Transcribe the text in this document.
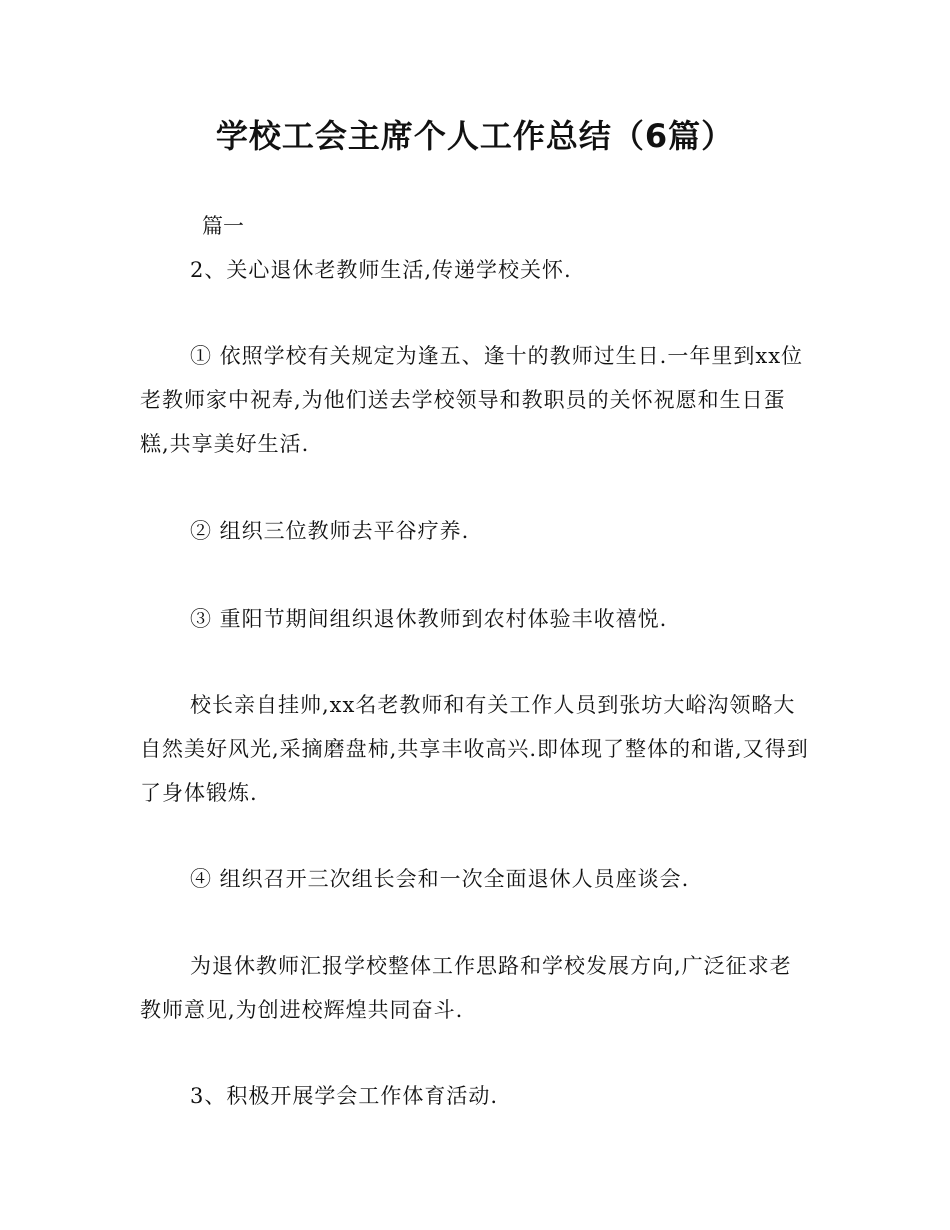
学校工会主席个人工作总结（6篇）
篇一

2、关心退休老教师生活,传递学校关怀.

① 依照学校有关规定为逢五、逢十的教师过生日.一年里到xx位老教师家中祝寿,为他们送去学校领导和教职员的关怀祝愿和生日蛋糕,共享美好生活.

② 组织三位教师去平谷疗养.

③ 重阳节期间组织退休教师到农村体验丰收禧悦.

校长亲自挂帅,xx名老教师和有关工作人员到张坊大峪沟领略大自然美好风光,采摘磨盘柿,共享丰收高兴.即体现了整体的和谐,又得到了身体锻炼.

④ 组织召开三次组长会和一次全面退休人员座谈会.

为退休教师汇报学校整体工作思路和学校发展方向,广泛征求老教师意见,为创进校辉煌共同奋斗.

3、积极开展学会工作体育活动.
